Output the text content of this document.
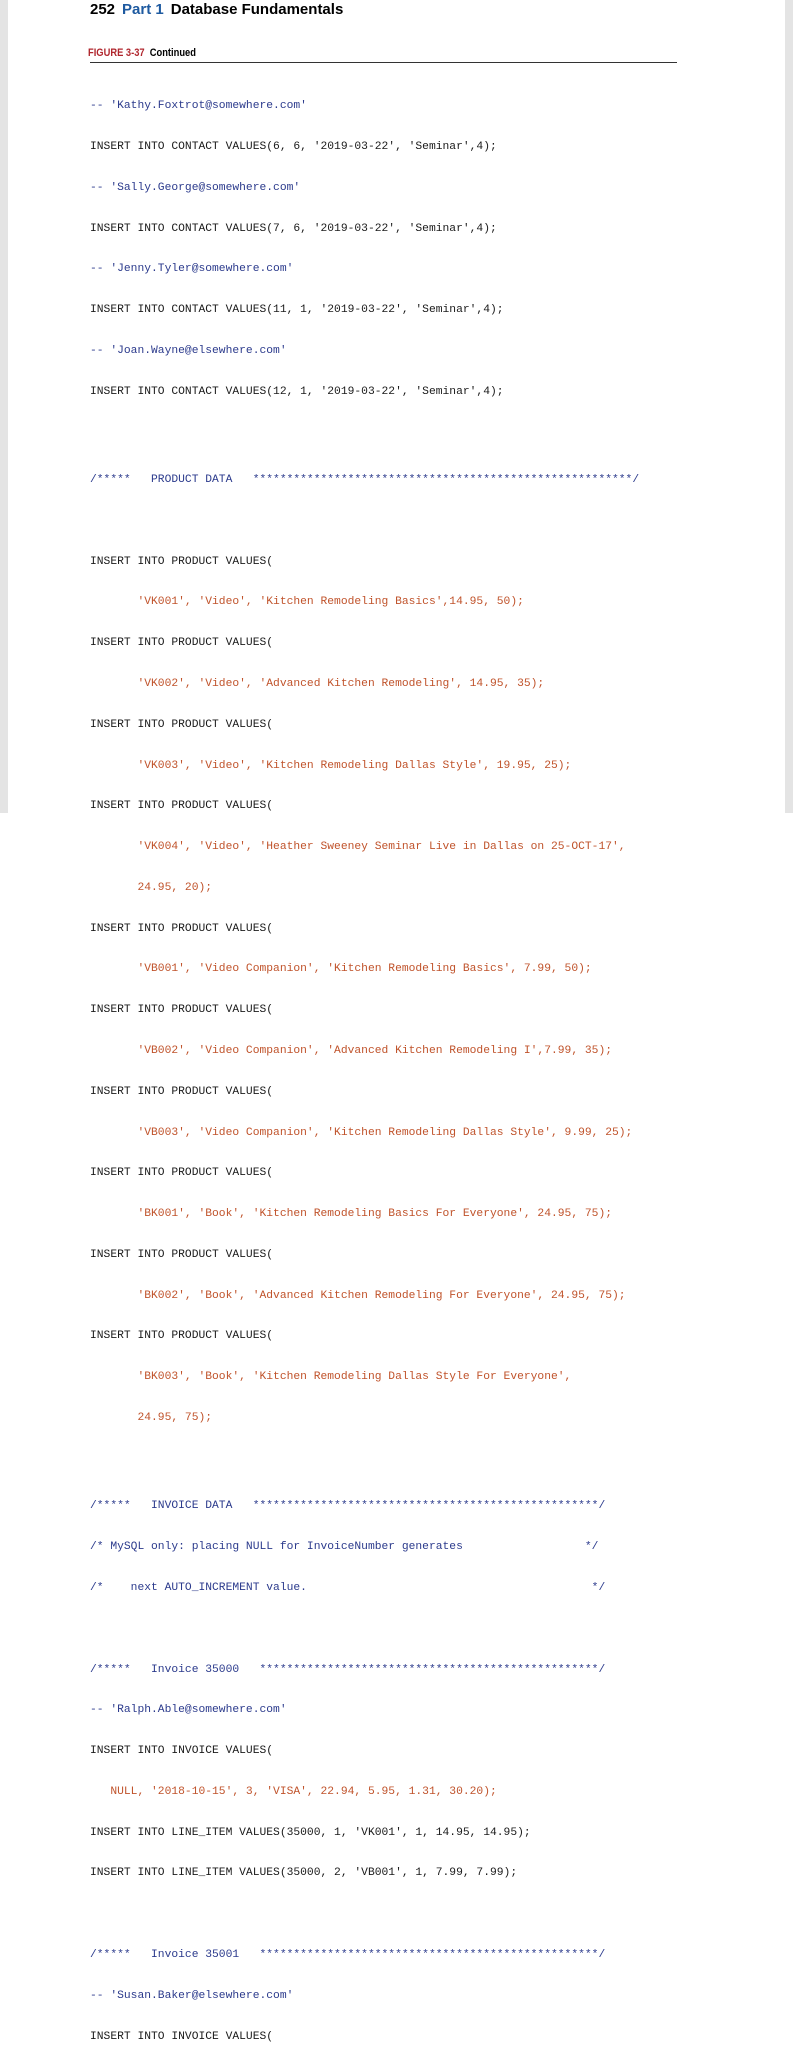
252 Part 1 Database Fundamentals
FIGURE 3-37 Continued

-- 'Kathy.Foxtrot@somewhere.com'

INSERT INTO CONTACT VALUES(6, 6, '2019-03-22', 'Seminar',4);

-- 'Sally.George@somewhere.com'

INSERT INTO CONTACT VALUES(7, 6, '2019-03-22', 'Seminar',4);

-- 'Jenny.Tyler@somewhere.com'

INSERT INTO CONTACT VALUES(11, 1, '2019-03-22', 'Seminar',4);

-- 'Joan.Wayne@elsewhere.com'

INSERT INTO CONTACT VALUES(12, 1, '2019-03-22', 'Seminar',4);

/*****   PRODUCT DATA   ********************************************************/

INSERT INTO PRODUCT VALUES(

'VK001', 'Video', 'Kitchen Remodeling Basics',14.95, 50);

INSERT INTO PRODUCT VALUES(

'VK002', 'Video', 'Advanced Kitchen Remodeling', 14.95, 35);

INSERT INTO PRODUCT VALUES(

'VK003', 'Video', 'Kitchen Remodeling Dallas Style', 19.95, 25);

INSERT INTO PRODUCT VALUES(

'VK004', 'Video', 'Heather Sweeney Seminar Live in Dallas on 25-OCT-17',

24.95, 20);

INSERT INTO PRODUCT VALUES(

'VB001', 'Video Companion', 'Kitchen Remodeling Basics', 7.99, 50);

INSERT INTO PRODUCT VALUES(

'VB002', 'Video Companion', 'Advanced Kitchen Remodeling I',7.99, 35);

INSERT INTO PRODUCT VALUES(

'VB003', 'Video Companion', 'Kitchen Remodeling Dallas Style', 9.99, 25);

INSERT INTO PRODUCT VALUES(

'BK001', 'Book', 'Kitchen Remodeling Basics For Everyone', 24.95, 75);

INSERT INTO PRODUCT VALUES(

'BK002', 'Book', 'Advanced Kitchen Remodeling For Everyone', 24.95, 75);

INSERT INTO PRODUCT VALUES(

'BK003', 'Book', 'Kitchen Remodeling Dallas Style For Everyone',

24.95, 75);

/*****   INVOICE DATA   ***************************************************/

/* MySQL only: placing NULL for InvoiceNumber generates                  */

/*    next AUTO_INCREMENT value.                                          */

/*****   Invoice 35000   **************************************************/

-- 'Ralph.Able@somewhere.com'

INSERT INTO INVOICE VALUES(

NULL, '2018-10-15', 3, 'VISA', 22.94, 5.95, 1.31, 30.20);

INSERT INTO LINE_ITEM VALUES(35000, 1, 'VK001', 1, 14.95, 14.95);

INSERT INTO LINE_ITEM VALUES(35000, 2, 'VB001', 1, 7.99, 7.99);

/*****   Invoice 35001   **************************************************/

-- 'Susan.Baker@elsewhere.com'

INSERT INTO INVOICE VALUES(
